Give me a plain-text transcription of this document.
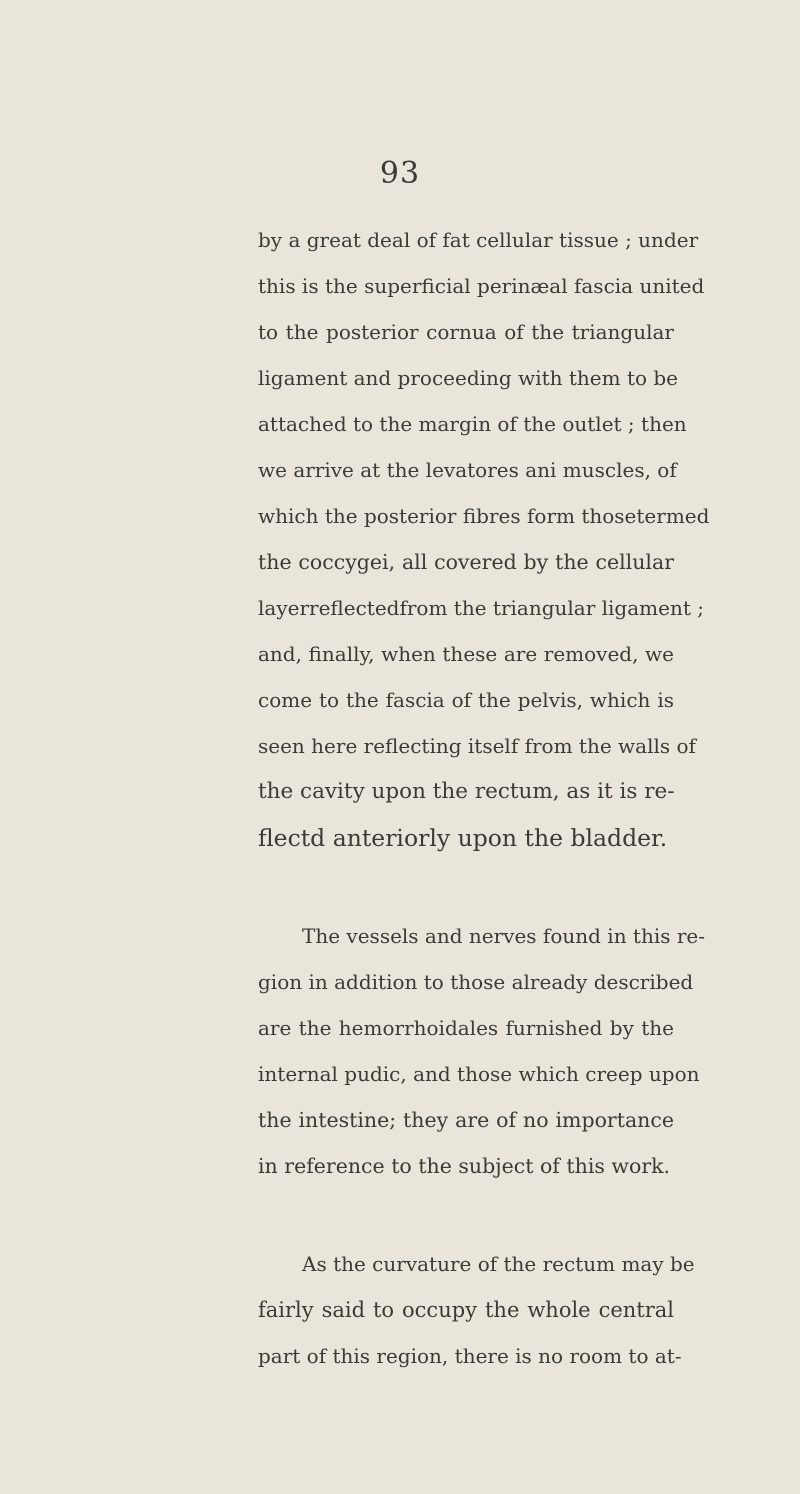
93
by a great deal of fat cellular tissue ; under
this is the superficial perinæal fascia united
to the posterior cornua of the triangular
ligament and proceeding with them to be
attached to the margin of the outlet ; then
we arrive at the levatores ani muscles, of
which the posterior fibres form thosetermed
the coccygei, all covered by the cellular
layerreflectedfrom the triangular ligament ;
and, finally, when these are removed, we
come to the fascia of the pelvis, which is
seen here reflecting itself from the walls of
the cavity upon the rectum, as it is re-
flectd anteriorly upon the bladder.
The vessels and nerves found in this re-
gion in addition to those already described
are the hemorrhoidales furnished by the
internal pudic, and those which creep upon
the intestine; they are of no importance
in reference to the subject of this work.
As the curvature of the rectum may be
fairly said to occupy the whole central
part of this region, there is no room to at-
